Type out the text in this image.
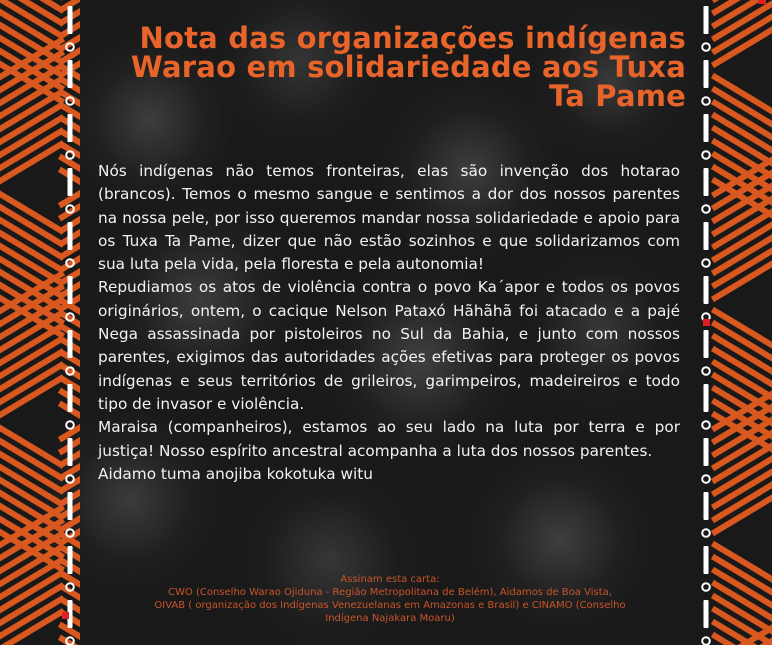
Nota das organizações indígenas Warao em solidariedade aos Tuxa Ta Pame

Nós indígenas não temos fronteiras, elas são invenção dos hotarao (brancos). Temos o mesmo sangue e sentimos a dor dos nossos parentes na nossa pele, por isso queremos mandar nossa solidariedade e apoio para os Tuxa Ta Pame, dizer que não estão sozinhos e que solidarizamos com sua luta pela vida, pela floresta e pela autonomia!

Repudiamos os atos de violência contra o povo Ka´apor e todos os povos originários, ontem, o cacique Nelson Pataxó Hãhãhã foi atacado e a pajé Nega assassinada por pistoleiros no Sul da Bahia, e junto com nossos parentes, exigimos das autoridades ações efetivas para proteger os povos indígenas e seus territórios de grileiros, garimpeiros, madeireiros e todo tipo de invasor e violência.

Maraisa (companheiros), estamos ao seu lado na luta por terra e por justiça! Nosso espírito ancestral acompanha a luta dos nossos parentes.

Aidamo tuma anojiba kokotuka witu

Assinam esta carta:
CWO (Conselho Warao Ojiduna - Região Metropolitana de Belém), Aidamos de Boa Vista,
OIVAB ( organização dos Indígenas Venezuelanas em Amazonas e Brasil) e CINAMO (Conselho
Indígena Najakara Moaru)
